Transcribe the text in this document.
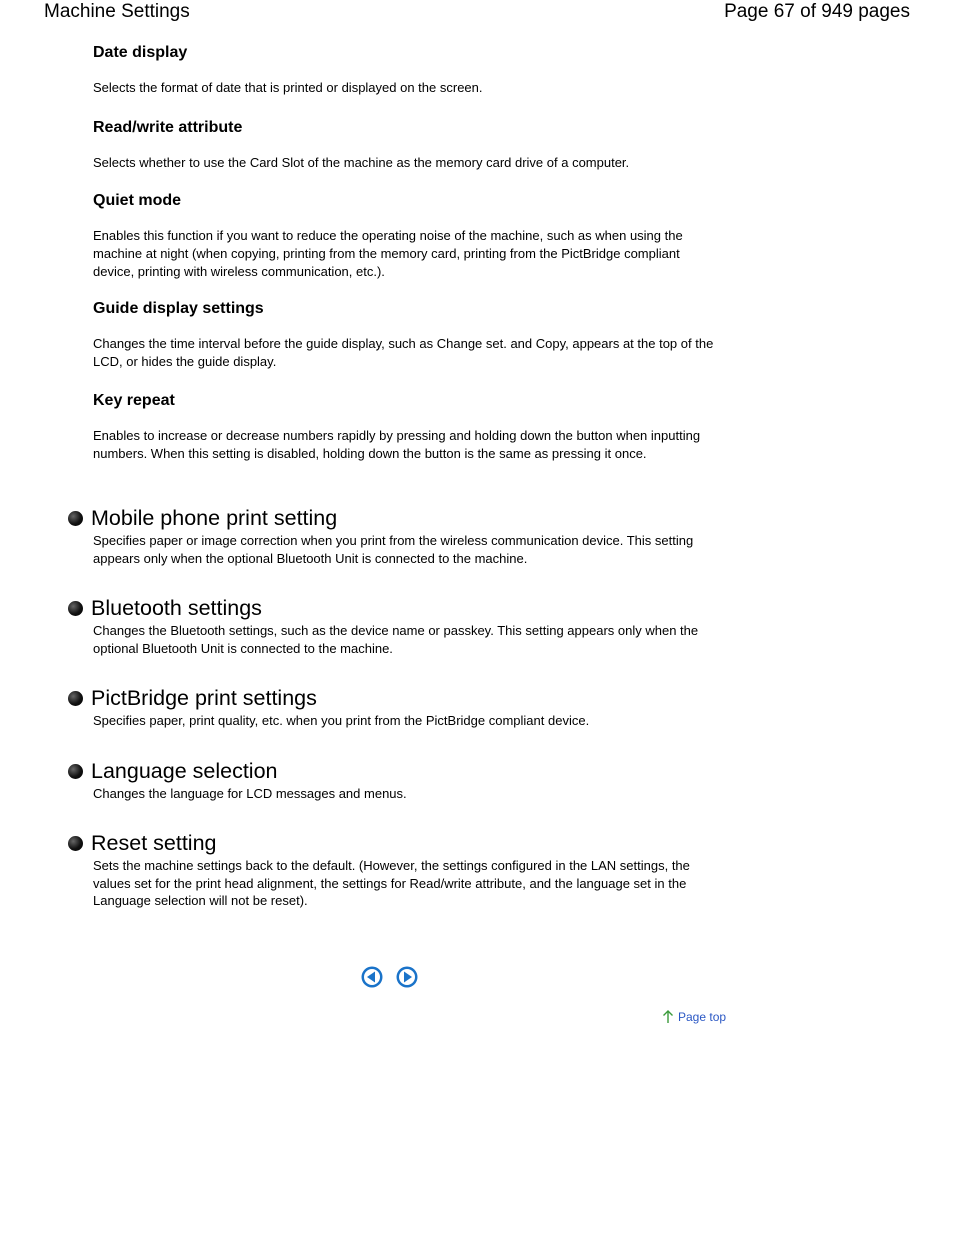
Machine Settings	Page 67 of 949 pages
Date display

Selects the format of date that is printed or displayed on the screen.

Read/write attribute

Selects whether to use the Card Slot of the machine as the memory card drive of a computer.

Quiet mode

Enables this function if you want to reduce the operating noise of the machine, such as when using the machine at night (when copying, printing from the memory card, printing from the PictBridge compliant device, printing with wireless communication, etc.).

Guide display settings

Changes the time interval before the guide display, such as Change set. and Copy, appears at the top of the LCD, or hides the guide display.

Key repeat

Enables to increase or decrease numbers rapidly by pressing and holding down the button when inputting numbers. When this setting is disabled, holding down the button is the same as pressing it once.

Mobile phone print setting

Specifies paper or image correction when you print from the wireless communication device. This setting appears only when the optional Bluetooth Unit is connected to the machine.

Bluetooth settings

Changes the Bluetooth settings, such as the device name or passkey. This setting appears only when the optional Bluetooth Unit is connected to the machine.

PictBridge print settings

Specifies paper, print quality, etc. when you print from the PictBridge compliant device.

Language selection

Changes the language for LCD messages and menus.

Reset setting

Sets the machine settings back to the default. (However, the settings configured in the LAN settings, the values set for the print head alignment, the settings for Read/write attribute, and the language set in the Language selection will not be reset).

Page top
